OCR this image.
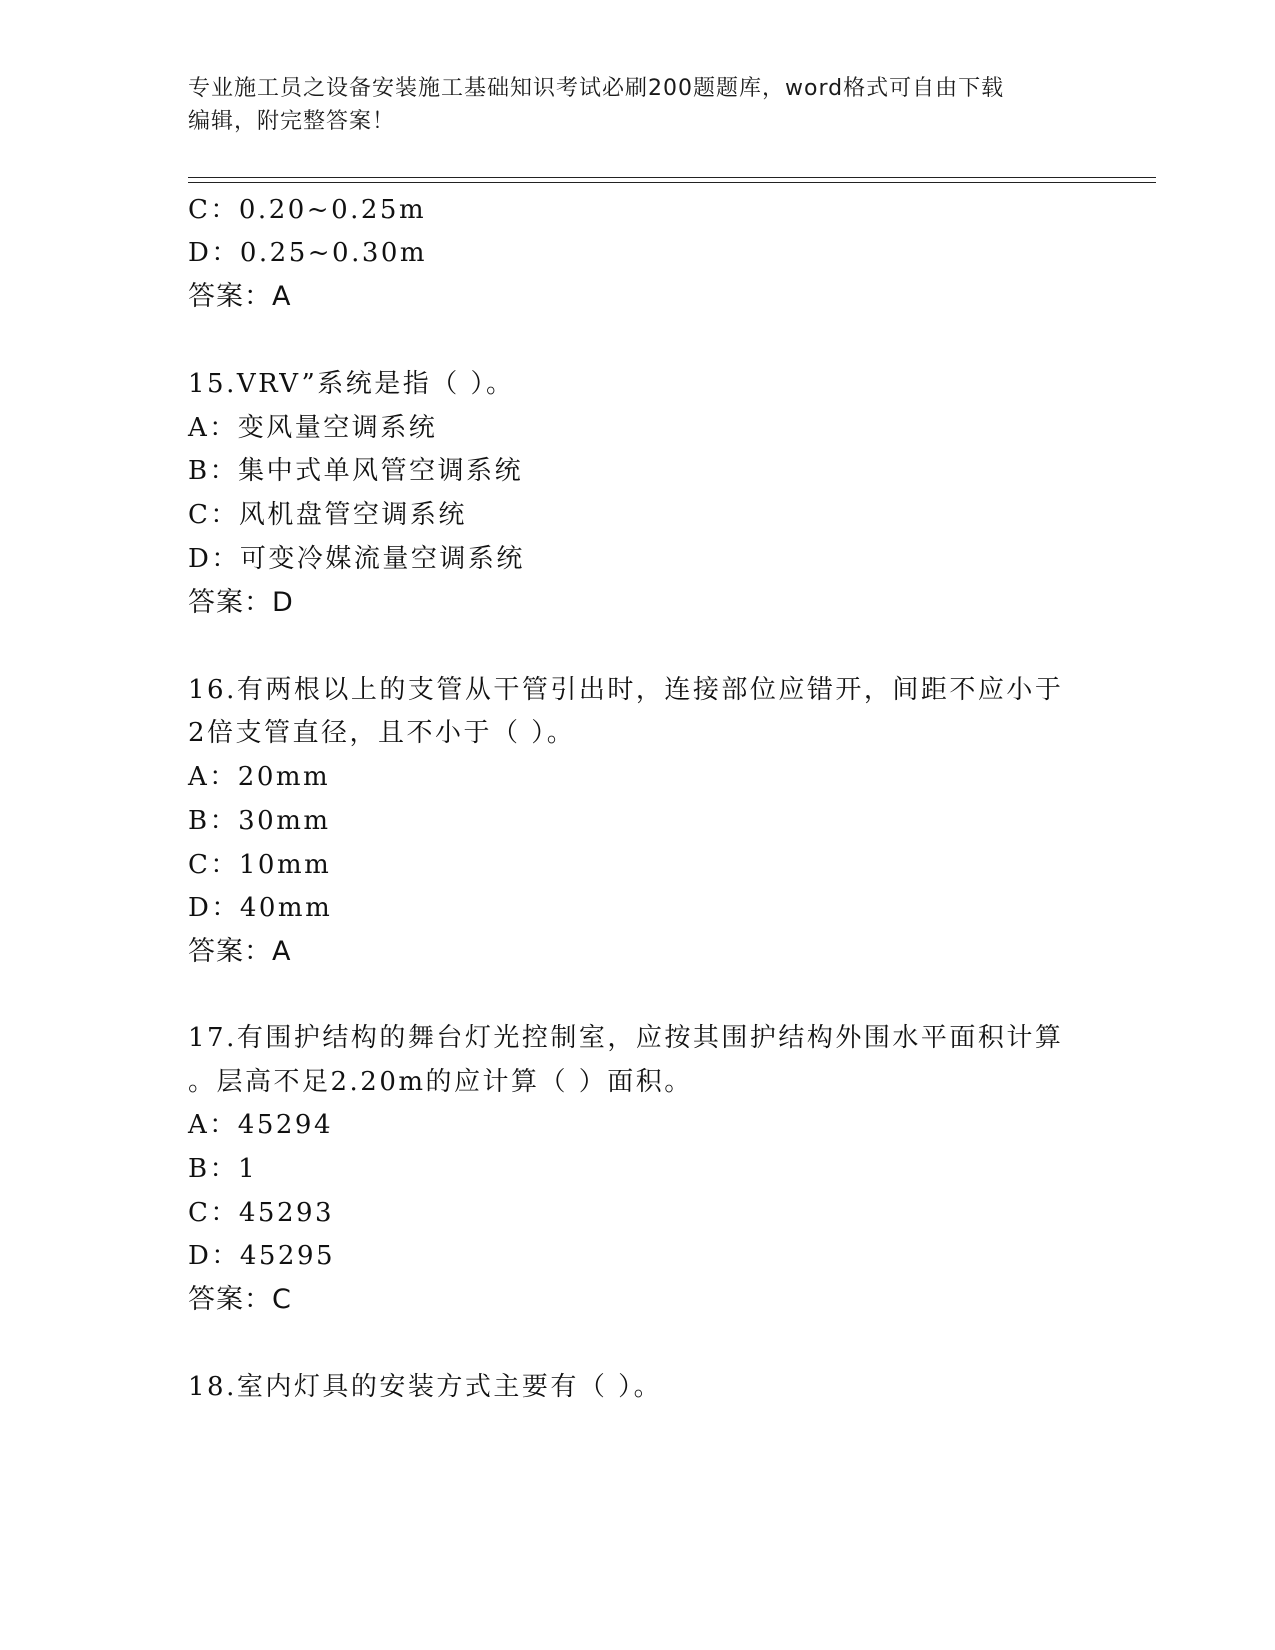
专业施工员之设备安装施工基础知识考试必刷200题题库，word格式可自由下载
编辑，附完整答案！
C：0.20~0.25m
D：0.25~0.30m
答案：A
15.VRV”系统是指（ ）。
A：变风量空调系统
B：集中式单风管空调系统
C：风机盘管空调系统
D：可变冷媒流量空调系统
答案：D
16.有两根以上的支管从干管引出时，连接部位应错开，间距不应小于
2倍支管直径，且不小于（ ）。
A：20mm
B：30mm
C：10mm
D：40mm
答案：A
17.有围护结构的舞台灯光控制室，应按其围护结构外围水平面积计算
。层高不足2.20m的应计算（ ）面积。
A：45294
B：1
C：45293
D：45295
答案：C
18.室内灯具的安装方式主要有（ ）。
